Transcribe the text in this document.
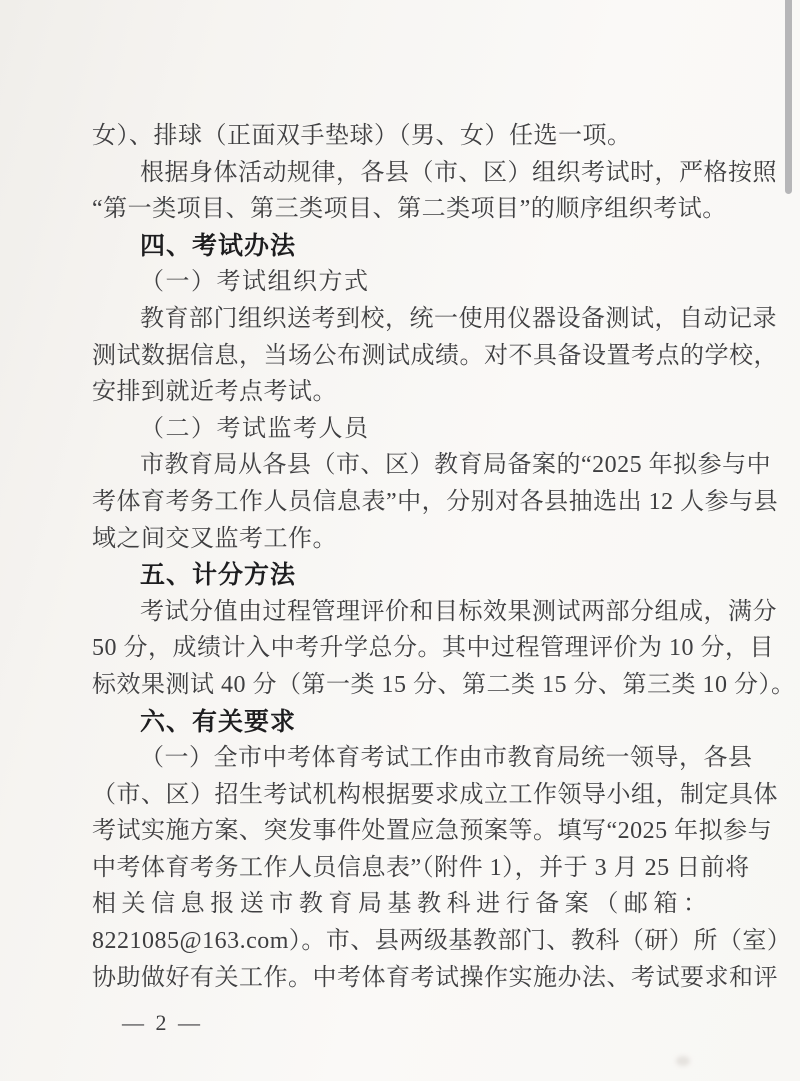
女）、排球（正面双手垫球）（男、女）任选一项。
根据身体活动规律，各县（市、区）组织考试时，严格按照
“第一类项目、第三类项目、第二类项目”的顺序组织考试。
四、考试办法
（一）考试组织方式
教育部门组织送考到校，统一使用仪器设备测试，自动记录
测试数据信息，当场公布测试成绩。对不具备设置考点的学校，
安排到就近考点考试。
（二）考试监考人员
市教育局从各县（市、区）教育局备案的“2025 年拟参与中
考体育考务工作人员信息表”中，分别对各县抽选出 12 人参与县
域之间交叉监考工作。
五、计分方法
考试分值由过程管理评价和目标效果测试两部分组成，满分
50 分，成绩计入中考升学总分。其中过程管理评价为 10 分，目
标效果测试 40 分（第一类 15 分、第二类 15 分、第三类 10 分）。
六、有关要求
（一）全市中考体育考试工作由市教育局统一领导，各县
（市、区）招生考试机构根据要求成立工作领导小组，制定具体
考试实施方案、突发事件处置应急预案等。填写“2025 年拟参与
中考体育考务工作人员信息表”（附件 1），并于 3 月 25 日前将
相关信息报送市教育局基教科进行备案（邮箱：
8221085@163.com）。市、县两级基教部门、教科（研）所（室）
协助做好有关工作。中考体育考试操作实施办法、考试要求和评
— 2 —
